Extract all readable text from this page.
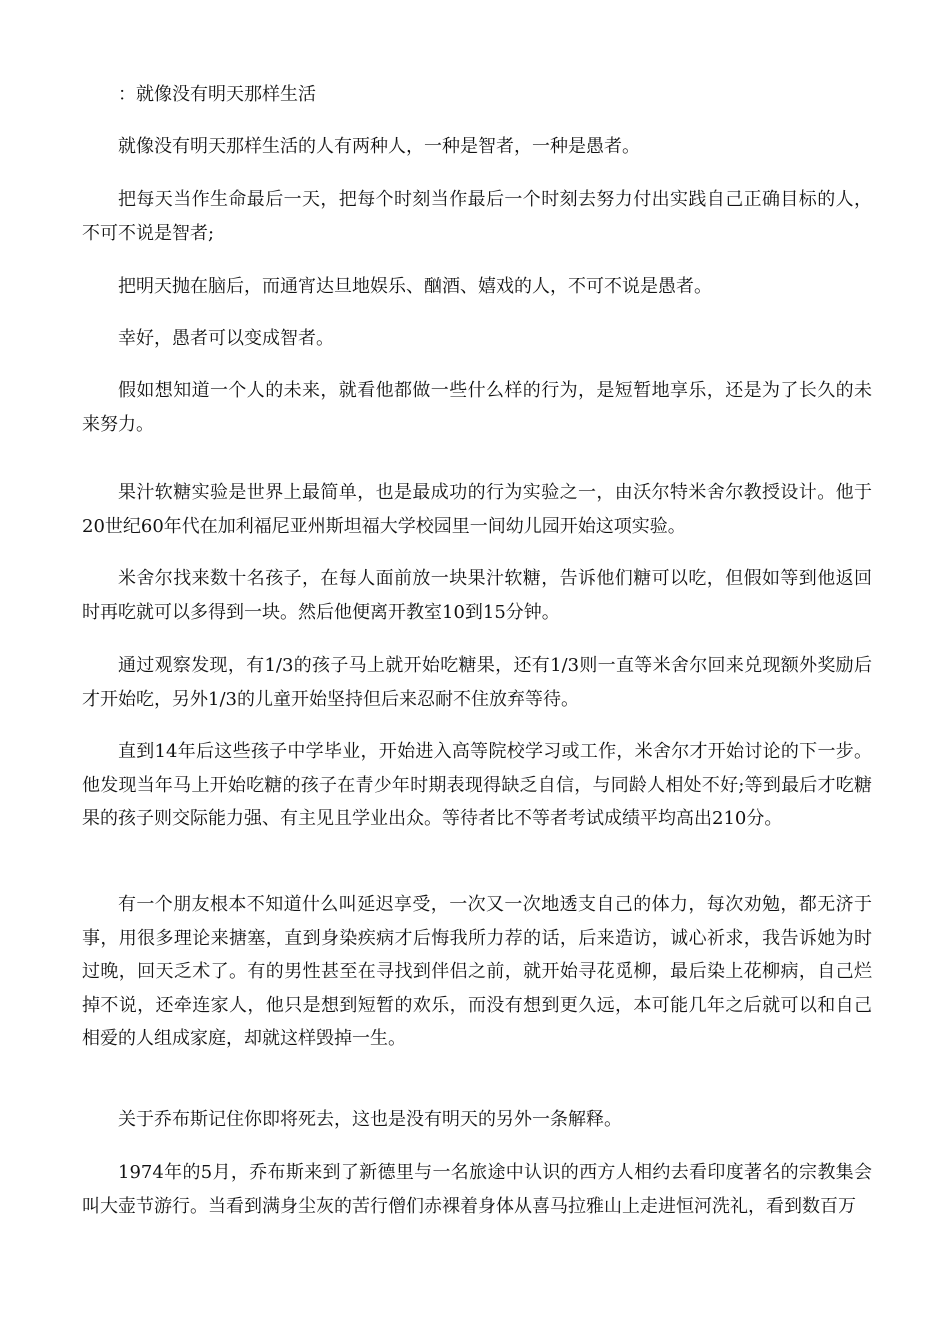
：就像没有明天那样生活

就像没有明天那样生活的人有两种人，一种是智者，一种是愚者。

把每天当作生命最后一天，把每个时刻当作最后一个时刻去努力付出实践自己正确目标的人，不可不说是智者;

把明天抛在脑后，而通宵达旦地娱乐、酗酒、嬉戏的人，不可不说是愚者。

幸好，愚者可以变成智者。

假如想知道一个人的未来，就看他都做一些什么样的行为，是短暂地享乐，还是为了长久的未来努力。

果汁软糖实验是世界上最简单，也是最成功的行为实验之一，由沃尔特米舍尔教授设计。他于20世纪60年代在加利福尼亚州斯坦福大学校园里一间幼儿园开始这项实验。

米舍尔找来数十名孩子，在每人面前放一块果汁软糖，告诉他们糖可以吃，但假如等到他返回时再吃就可以多得到一块。然后他便离开教室10到15分钟。

通过观察发现，有1/3的孩子马上就开始吃糖果，还有1/3则一直等米舍尔回来兑现额外奖励后才开始吃，另外1/3的儿童开始坚持但后来忍耐不住放弃等待。

直到14年后这些孩子中学毕业，开始进入高等院校学习或工作，米舍尔才开始讨论的下一步。他发现当年马上开始吃糖的孩子在青少年时期表现得缺乏自信，与同龄人相处不好;等到最后才吃糖果的孩子则交际能力强、有主见且学业出众。等待者比不等者考试成绩平均高出210分。

有一个朋友根本不知道什么叫延迟享受，一次又一次地透支自己的体力，每次劝勉，都无济于事，用很多理论来搪塞，直到身染疾病才后悔我所力荐的话，后来造访，诚心祈求，我告诉她为时过晚，回天乏术了。有的男性甚至在寻找到伴侣之前，就开始寻花觅柳，最后染上花柳病，自己烂掉不说，还牵连家人，他只是想到短暂的欢乐，而没有想到更久远，本可能几年之后就可以和自己相爱的人组成家庭，却就这样毁掉一生。

关于乔布斯记住你即将死去，这也是没有明天的另外一条解释。

1974年的5月，乔布斯来到了新德里与一名旅途中认识的西方人相约去看印度著名的宗教集会叫大壶节游行。当看到满身尘灰的苦行僧们赤裸着身体从喜马拉雅山上走进恒河洗礼，看到数百万
